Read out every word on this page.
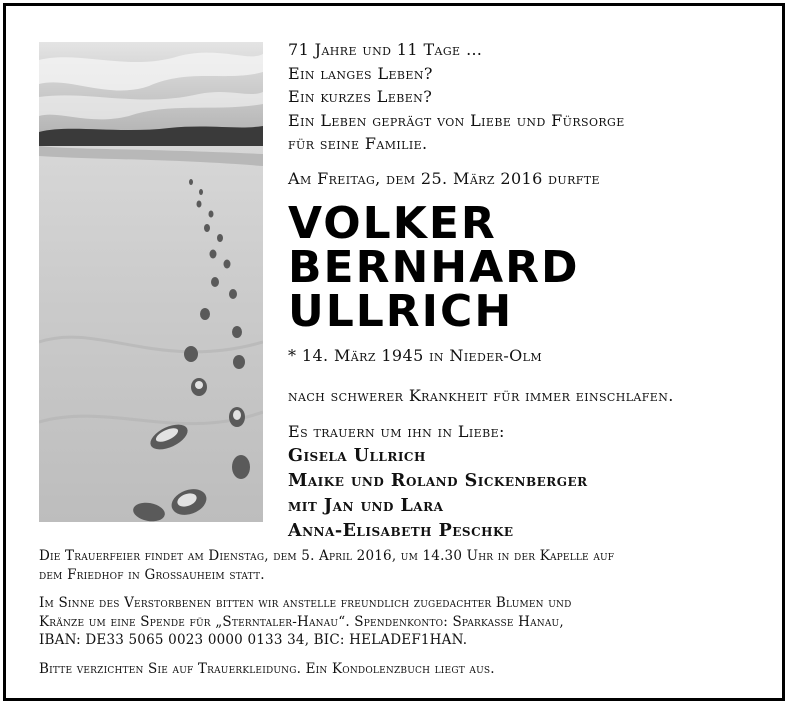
71 Jahre und 11 Tage …
Ein langes Leben?
Ein kurzes Leben?
Ein Leben geprägt von Liebe und Fürsorge
für seine Familie.
Am Freitag, dem 25. März 2016 durfte
VOLKER
BERNHARD
ULLRICH
* 14. März 1945 in Nieder-Olm
nach schwerer Krankheit für immer einschlafen.
Es trauern um ihn in Liebe:
Gisela Ullrich
Maike und Roland Sickenberger
mit Jan und Lara
Anna-Elisabeth Peschke

Die Trauerfeier findet am Dienstag, dem 5. April 2016, um 14.30 Uhr in der Kapelle auf
dem Friedhof in Großauheim statt.

Im Sinne des Verstorbenen bitten wir anstelle freundlich zugedachter Blumen und
Kränze um eine Spende für „Sterntaler-Hanau“. Spendenkonto: Sparkasse Hanau,
IBAN: DE33 5065 0023 0000 0133 34, BIC: HELADEF1HAN.

Bitte verzichten Sie auf Trauerkleidung. Ein Kondolenzbuch liegt aus.
